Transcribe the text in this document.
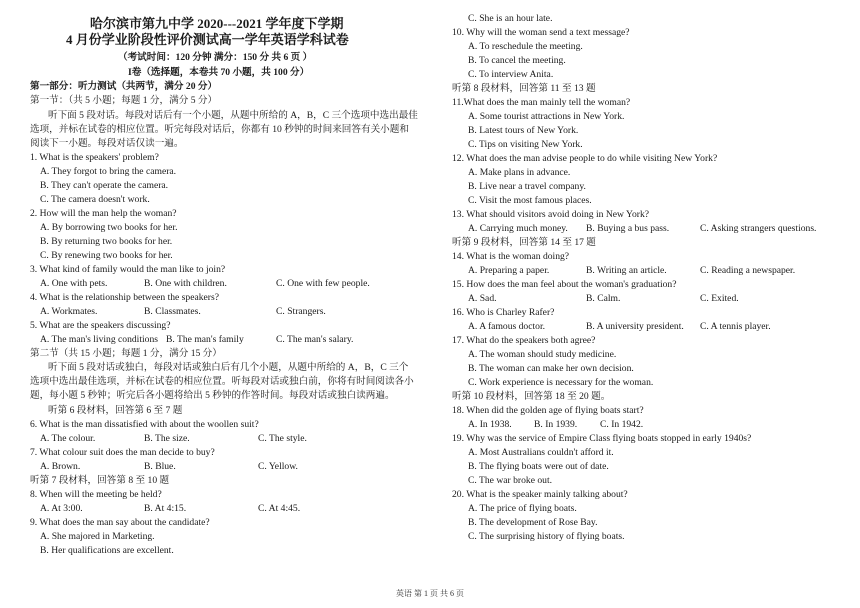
哈尔滨市第九中学 2020---2021 学年度下学期
4 月份学业阶段性评价测试高一学年英语学科试卷
（考试时间：120 分钟 满分：150 分 共 6 页 ）
I卷（选择题，本卷共 70 小题，共 100 分）
第一部分：听力测试（共两节，满分 20 分）
第一节：（共 5 小题；每题 1 分，满分 5 分）
听下面 5 段对话。每段对话后有一个小题，从题中所给的 A，B，C 三个选项中选出最佳
选项，并标在试卷的相应位置。听完每段对话后，你都有 10 秒钟的时间来回答有关小题和
阅读下一小题。每段对话仅读一遍。
1. What is the speakers' problem?
A. They forgot to bring the camera.
B. They can't operate the camera.
C. The camera doesn't work.
2. How will the man help the woman?
A. By borrowing two books for her.
B. By returning two books for her.
C. By renewing two books for her.
3. What kind of family would the man like to join?
A. One with pets.	B. One with children.	C. One with few people.
4. What is the relationship between the speakers?
A. Workmates.	B. Classmates.	C. Strangers.
5. What are the speakers discussing?
A. The man's living conditions B. The man's family	C. The man's salary.
第二节（共 15 小题；每题 1 分，满分 15 分）
听下面 5 段对话或独白，每段对话或独白后有几个小题，从题中所给的 A，B，C 三个
选项中选出最佳选项，并标在试卷的相应位置。听每段对话或独白前，你将有时间阅读各小
题，每小题 5 秒钟；听完后各小题将给出 5 秒钟的作答时间。每段对话或独白读两遍。
听第 6 段材料，回答第 6 至 7 题
6. What is the man dissatisfied with about the woollen suit?
A. The colour.	B. The size.	C. The style.
7. What colour suit does the man decide to buy?
A. Brown.	B. Blue.	C. Yellow.
听第 7 段材料，回答第 8 至 10 题
8. When will the meeting be held?
A. At 3:00.	B. At 4:15.	C. At 4:45.
9. What does the man say about the candidate?
A. She majored in Marketing.
B. Her qualifications are excellent.
C. She is an hour late.
10. Why will the woman send a text message?
A. To reschedule the meeting.
B. To cancel the meeting.
C. To interview Anita.
听第 8 段材料，回答第 11 至 13 题
11.What does the man mainly tell the woman?
A. Some tourist attractions in New York.
B. Latest tours of New York.
C. Tips on visiting New York.
12. What does the man advise people to do while visiting New York?
A. Make plans in advance.
B. Live near a travel company.
C. Visit the most famous places.
13. What should visitors avoid doing in New York?
A. Carrying much money. B. Buying a bus pass.	C. Asking strangers questions.
听第 9 段材料，回答第 14 至 17 题
14. What is the woman doing?
A. Preparing a paper.	B. Writing an article.	C. Reading a newspaper.
15. How does the man feel about the woman's graduation?
A. Sad.	B. Calm.	C. Exited.
16. Who is Charley Rafer?
A. A famous doctor.	B. A university president. C. A tennis player.
17. What do the speakers both agree?
A. The woman should study medicine.
B. The woman can make her own decision.
C. Work experience is necessary for the woman.
听第 10 段材料，回答第 18 至 20 题。
18. When did the golden age of flying boats start?
A. In 1938. B. In 1939. C. In 1942.
19. Why was the service of Empire Class flying boats stopped in early 1940s?
A. Most Australians couldn't afford it.
B. The flying boats were out of date.
C. The war broke out.
20. What is the speaker mainly talking about?
A. The price of flying boats.
B. The development of Rose Bay.
C. The surprising history of flying boats.
英语 第 1 页 共 6 页
